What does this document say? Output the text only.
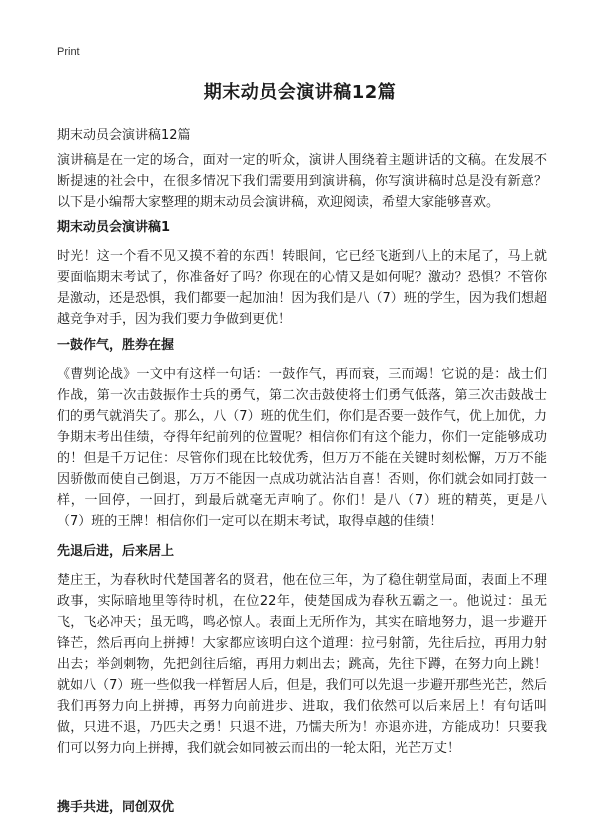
Print
期末动员会演讲稿12篇
期末动员会演讲稿12篇

演讲稿是在一定的场合，面对一定的听众，演讲人围绕着主题讲话的文稿。在发展不断提速的社会中，在很多情况下我们需要用到演讲稿，你写演讲稿时总是没有新意？以下是小编帮大家整理的期末动员会演讲稿，欢迎阅读，希望大家能够喜欢。

期末动员会演讲稿1

时光！这一个看不见又摸不着的东西！转眼间，它已经飞逝到八上的末尾了，马上就要面临期末考试了，你准备好了吗？你现在的心情又是如何呢？激动？恐惧？不管你是激动，还是恐惧，我们都要一起加油！因为我们是八（7）班的学生，因为我们想超越竞争对手，因为我们要力争做到更优！

一鼓作气，胜券在握

《曹刿论战》一文中有这样一句话：一鼓作气，再而衰，三而竭！它说的是：战士们作战，第一次击鼓振作士兵的勇气，第二次击鼓使将士们勇气低落，第三次击鼓战士们的勇气就消失了。那么，八（7）班的优生们，你们是否要一鼓作气，优上加优，力争期末考出佳绩，夺得年纪前列的位置呢？相信你们有这个能力，你们一定能够成功的！但是千万记住：尽管你们现在比较优秀，但万万不能在关键时刻松懈，万万不能因骄傲而使自己倒退，万万不能因一点成功就沾沾自喜！否则，你们就会如同打鼓一样，一回停，一回打，到最后就毫无声响了。你们！是八（7）班的精英，更是八（7）班的王牌！相信你们一定可以在期末考试，取得卓越的佳绩！

先退后进，后来居上

楚庄王，为春秋时代楚国著名的贤君，他在位三年，为了稳住朝堂局面，表面上不理政事，实际暗地里等待时机，在位22年，使楚国成为春秋五霸之一。他说过：虽无飞，飞必冲天；虽无鸣，鸣必惊人。表面上无所作为，其实在暗地努力，退一步避开锋芒，然后再向上拼搏！大家都应该明白这个道理：拉弓射箭，先往后拉，再用力射出去；举剑刺物，先把剑往后缩，再用力刺出去；跳高，先往下蹲，在努力向上跳！就如八（7）班一些似我一样暂居人后，但是，我们可以先退一步避开那些光芒，然后我们再努力向上拼搏，再努力向前进步、进取，我们依然可以后来居上！有句话叫做，只进不退，乃匹夫之勇！只退不进，乃懦夫所为！亦退亦进，方能成功！只要我们可以努力向上拼搏，我们就会如同被云而出的一轮太阳，光芒万丈！

携手共进，同创双优
